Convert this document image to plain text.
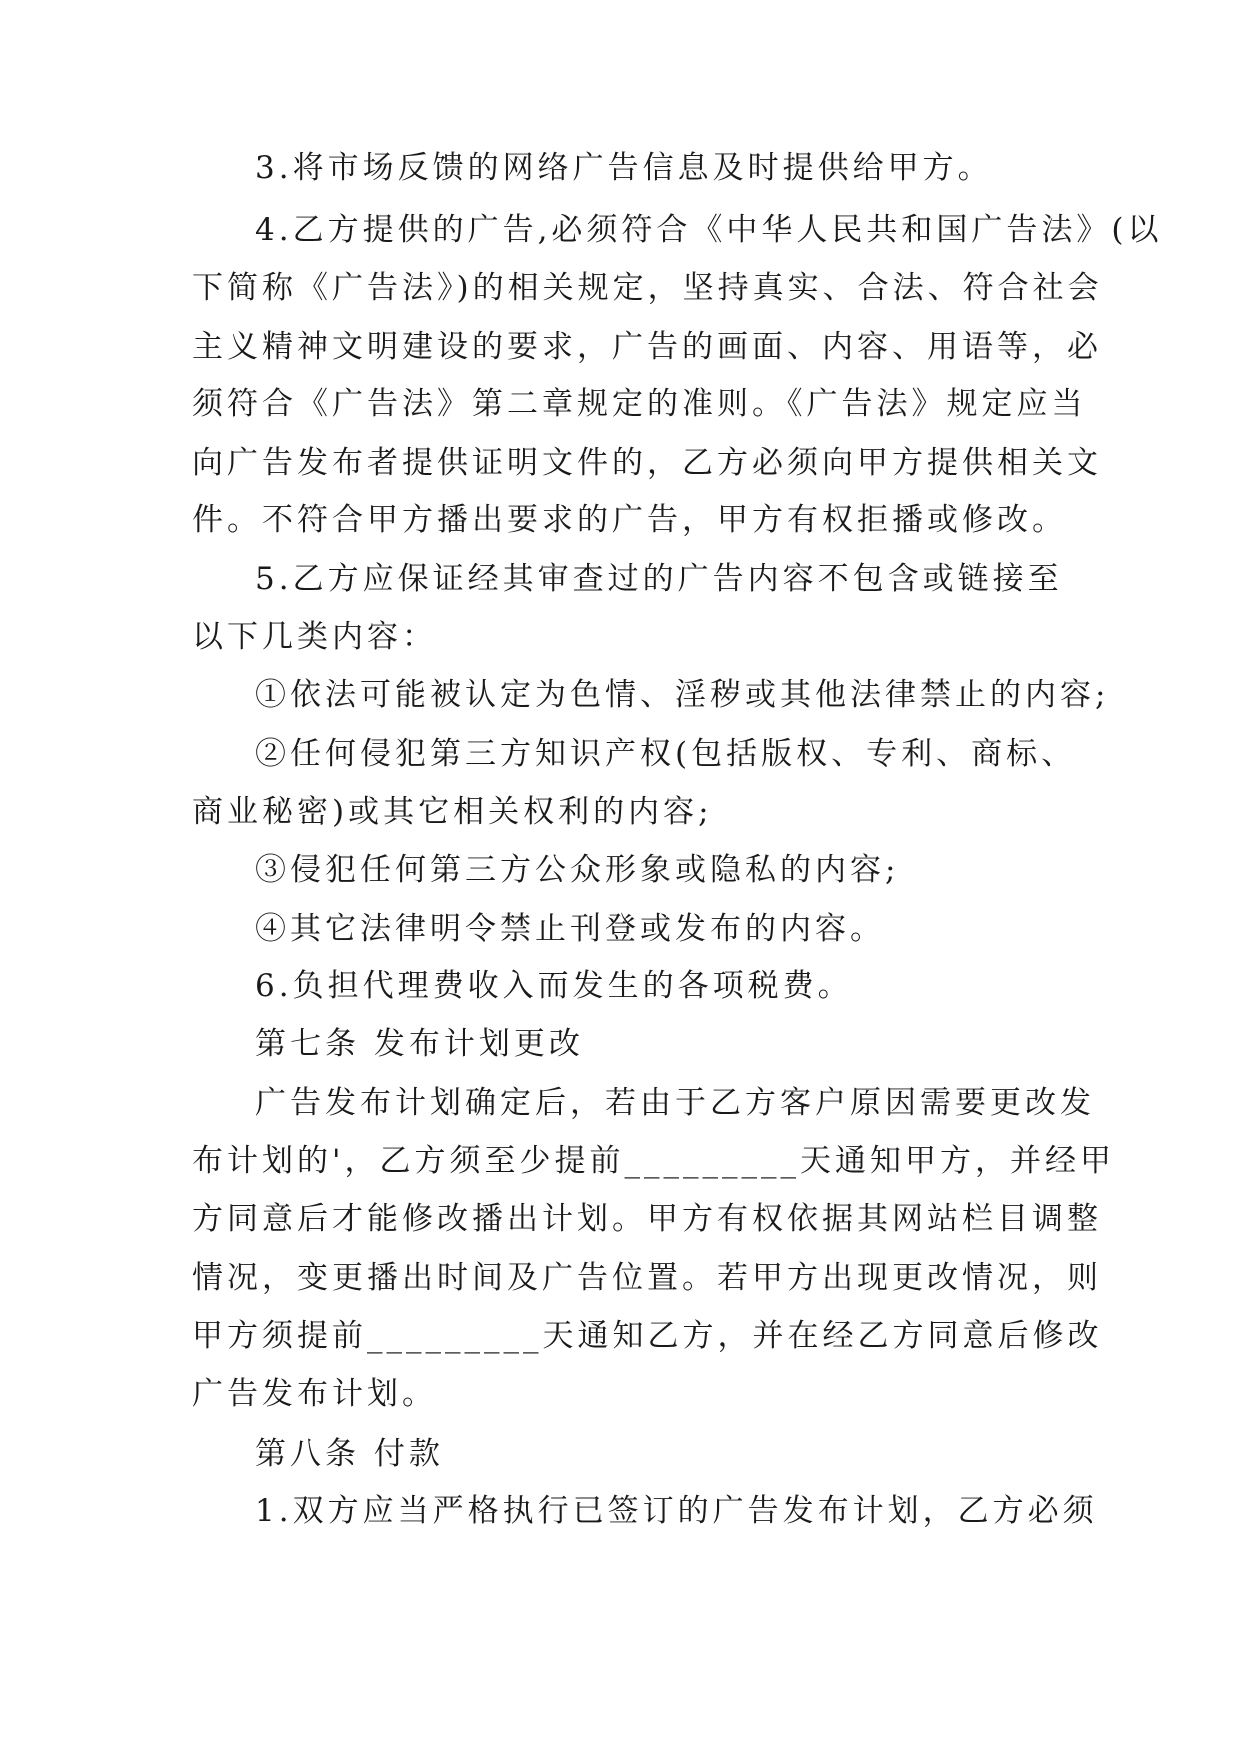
3.将市场反馈的网络广告信息及时提供给甲方。
4.乙方提供的广告,必须符合《中华人民共和国广告法》(以
下简称《广告法》)的相关规定，坚持真实、合法、符合社会
主义精神文明建设的要求，广告的画面、内容、用语等，必
须符合《广告法》第二章规定的准则。《广告法》规定应当
向广告发布者提供证明文件的，乙方必须向甲方提供相关文
件。不符合甲方播出要求的广告，甲方有权拒播或修改。
5.乙方应保证经其审查过的广告内容不包含或链接至
以下几类内容：
①依法可能被认定为色情、淫秽或其他法律禁止的内容;
②任何侵犯第三方知识产权(包括版权、专利、商标、
商业秘密)或其它相关权利的内容;
③侵犯任何第三方公众形象或隐私的内容;
④其它法律明令禁止刊登或发布的内容。
6.负担代理费收入而发生的各项税费。
第七条 发布计划更改
广告发布计划确定后，若由于乙方客户原因需要更改发
布计划的'，乙方须至少提前_________天通知甲方，并经甲
方同意后才能修改播出计划。甲方有权依据其网站栏目调整
情况，变更播出时间及广告位置。若甲方出现更改情况，则
甲方须提前_________天通知乙方，并在经乙方同意后修改
广告发布计划。
第八条 付款
1.双方应当严格执行已签订的广告发布计划，乙方必须
